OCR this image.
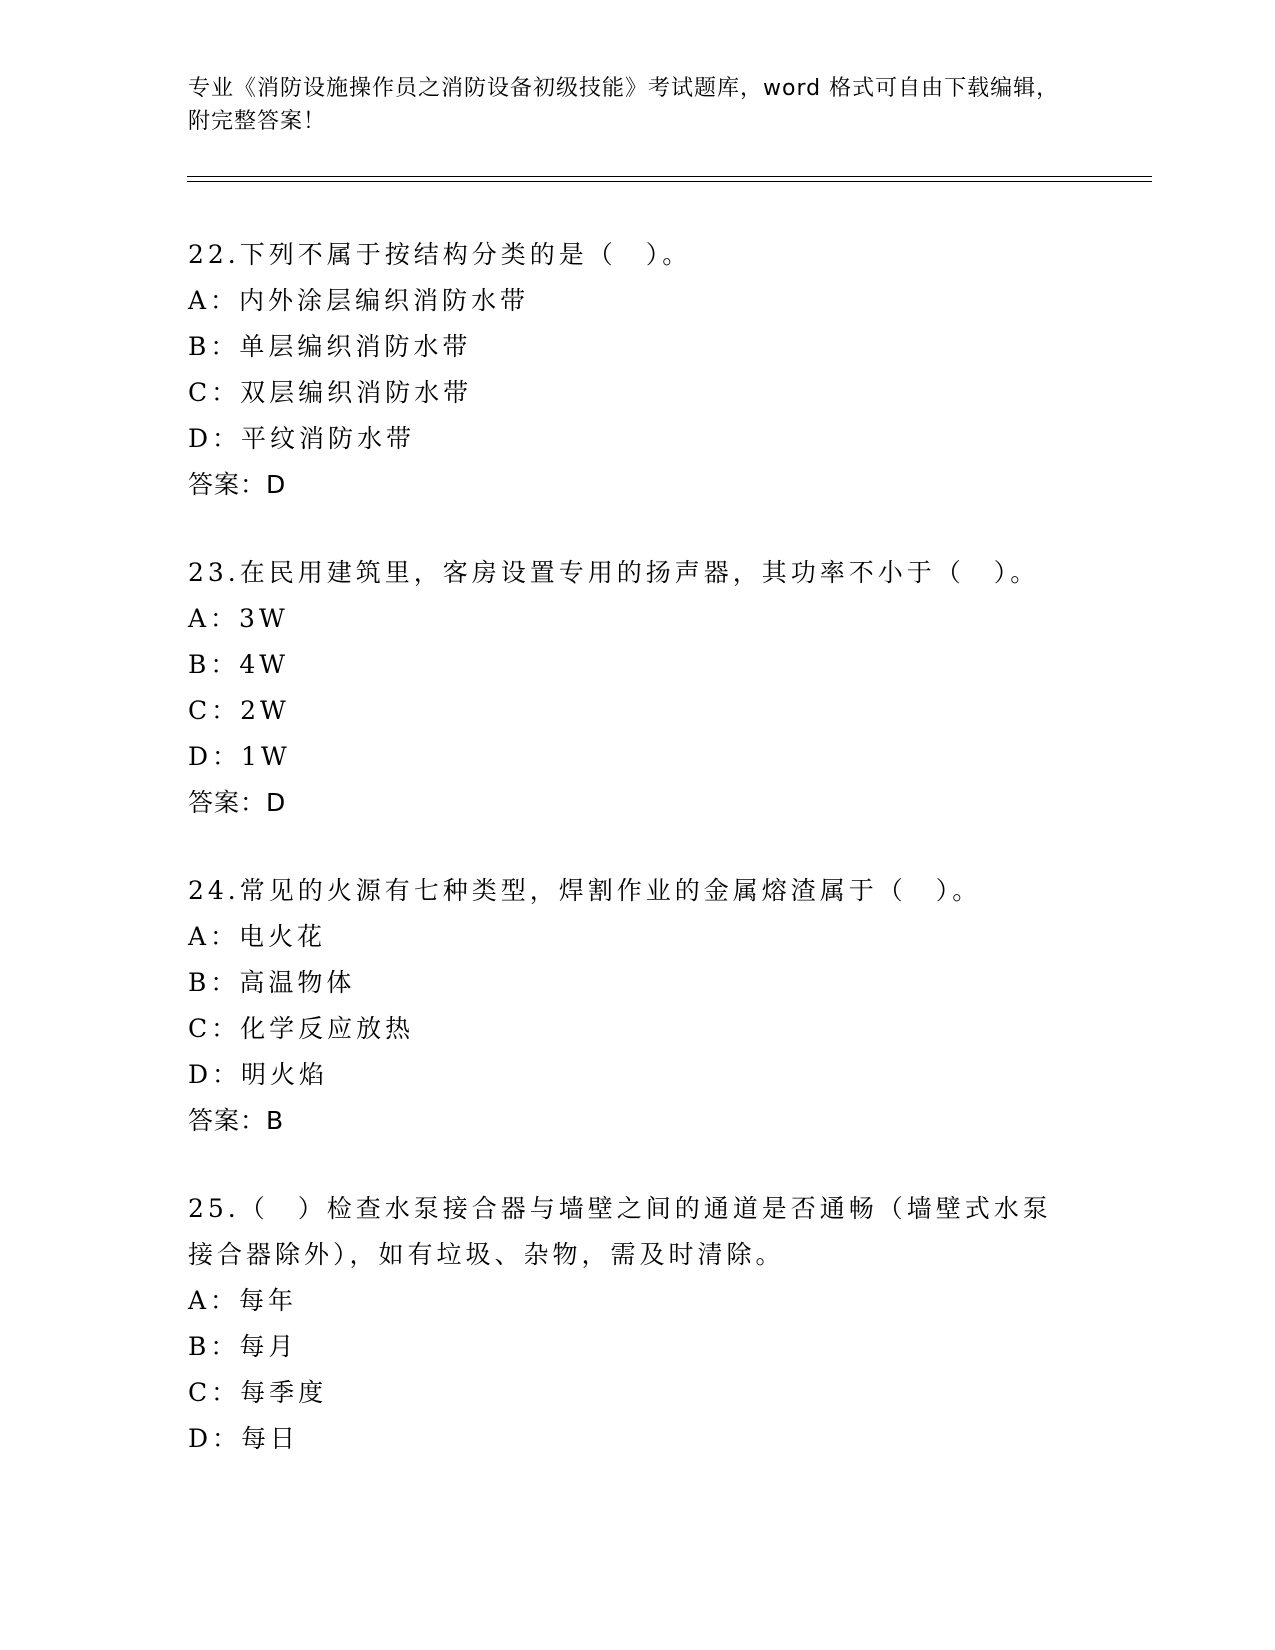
专业《消防设施操作员之消防设备初级技能》考试题库，word 格式可自由下载编辑，附完整答案！
22.下列不属于按结构分类的是（　）。
A：内外涂层编织消防水带
B：单层编织消防水带
C：双层编织消防水带
D：平纹消防水带
答案：D
23.在民用建筑里，客房设置专用的扬声器，其功率不小于（　）。
A：3W
B：4W
C：2W
D：1W
答案：D
24.常见的火源有七种类型，焊割作业的金属熔渣属于（　）。
A：电火花
B：高温物体
C：化学反应放热
D：明火焰
答案：B
25.（　）检查水泵接合器与墙壁之间的通道是否通畅（墙壁式水泵接合器除外），如有垃圾、杂物，需及时清除。
A：每年
B：每月
C：每季度
D：每日
